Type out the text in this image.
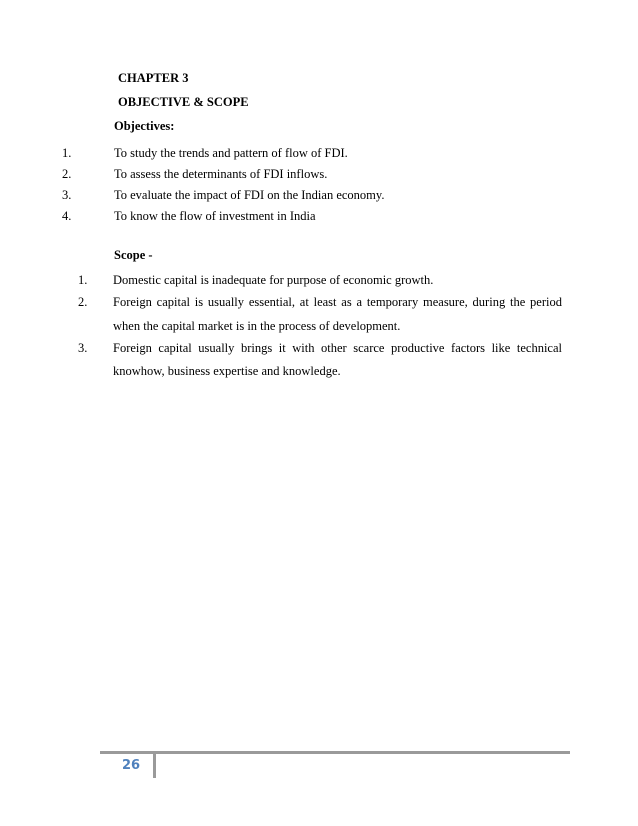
CHAPTER 3
OBJECTIVE & SCOPE
Objectives:
1.	To study the trends and pattern of flow of FDI.
2.	To assess the determinants of FDI inflows.
3.	To evaluate the impact of FDI on the Indian economy.
4.	To know the flow of investment in India
Scope -
1. Domestic capital is inadequate for purpose of economic growth.
2. Foreign capital is usually essential, at least as a temporary measure, during the period
when the capital market is in the process of development.
3. Foreign capital usually brings it with other scarce productive factors like technical
knowhow, business expertise and knowledge.
26
